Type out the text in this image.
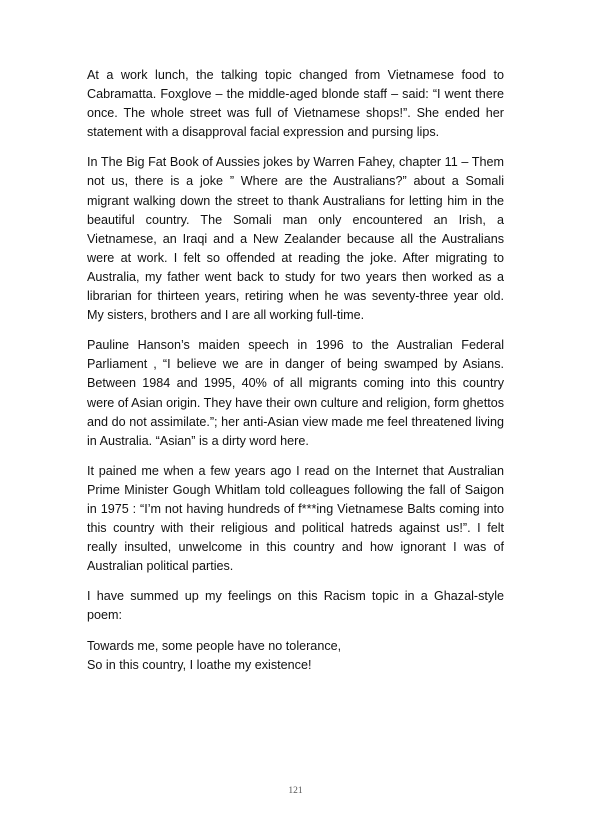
At a work lunch, the talking topic changed from Vietnamese food to Cabramatta. Foxglove – the middle-aged blonde staff – said: “I went there once. The whole street was full of Vietnamese shops!”. She ended her statement with a disapproval facial expression and pursing lips.

In The Big Fat Book of Aussies jokes by Warren Fahey, chapter 11 – Them not us, there is a joke ” Where are the Australians?” about a Somali migrant walking down the street to thank Australians for letting him in the beautiful country. The Somali man only encountered an Irish, a Vietnamese, an Iraqi and a New Zealander because all the Australians were at work. I felt so offended at reading the joke. After migrating to Australia, my father went back to study for two years then worked as a librarian for thirteen years, retiring when he was seventy-three year old. My sisters, brothers and I are all working full-time.

Pauline Hanson’s maiden speech in 1996 to the Australian Federal Parliament , “I believe we are in danger of being swamped by Asians. Between 1984 and 1995, 40% of all migrants coming into this country were of Asian origin. They have their own culture and religion, form ghettos and do not assimilate.”; her anti-Asian view made me feel threatened living in Australia. “Asian” is a dirty word here.

It pained me when a few years ago I read on the Internet that Australian Prime Minister Gough Whitlam told colleagues following the fall of Saigon in 1975 : “I’m not having hundreds of f***ing Vietnamese Balts coming into this country with their religious and political hatreds against us!”. I felt really insulted, unwelcome in this country and how ignorant I was of Australian political parties.

I have summed up my feelings on this Racism topic in a Ghazal-style poem:

Towards me, some people have no tolerance,
So in this country, I loathe my existence!

121
